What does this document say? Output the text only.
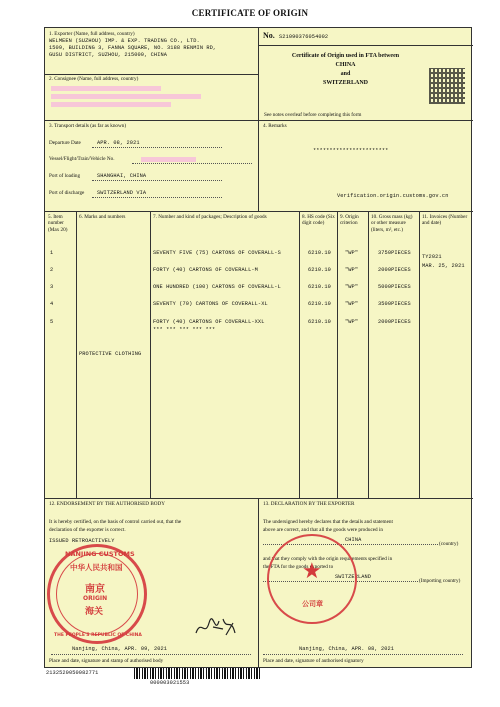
CERTIFICATE OF ORIGIN
1. Exporter (Name, full address, country)
WELMEEN (SUZHOU) IMP. & EXP. TRADING CO., LTD.
1509, BUILDING 3, FANNA SQUARE, NO. 3188 RENMIN RD,
GUSU DISTRICT, SUZHOU, 215000, CHINA
No. S21090376054002
Certificate of Origin used in FTA between
CHINA
and
SWITZERLAND
See notes overleaf before completing this form
2. Consignee (Name, full address, country)
3. Transport details (as far as known)
Departure Date	APR. 08, 2021
Vessel/Flight/Train/Vehicle No.
Port of loading	SHANGHAI, CHINA
Port of discharge SWITZERLAND VIA
4. Remarks
***********************
Verification.origin.customs.gov.cn
5. Item number (Max 20)
6. Marks and numbers	7. Number and kind of packages; Description of goods	8. HS code (Six digit code)
9. Origin criterion
10. Gross mass (kg) or other measure (liters, m², etc.)
11. Invoices (Number and date)
1	SEVENTY FIVE (75) CARTONS OF COVERALL-S	6210.10	"WP"	3750PIECES
2	FORTY (40) CARTONS OF COVERALL-M	6210.10	"WP"	2000PIECES
3	ONE HUNDRED (100) CARTONS OF COVERALL-L	6210.10	"WP"	5000PIECES
4	SEVENTY (70) CARTONS OF COVERALL-XL	6210.10	"WP"	3500PIECES
5	FORTY (40) CARTONS OF COVERALL-XXL	6210.10	"WP"	2000PIECES
*** *** *** *** ***
TY2021
MAR. 25, 2021
PROTECTIVE CLOTHING
12. ENDORSEMENT BY THE AUTHORISED BODY
It is hereby certified, on the basis of control carried out, that the
declaration of the exporter is correct.
ISSUED RETROACTIVELY
NANJING CUSTOMS
中华人民共和国
南京
ORIGIN
海关
THE PEOPLE'S REPUBLIC OF CHINA
Nanjing, China, APR. 09, 2021
Place and date, signature and stamp of authorised body
13. DECLARATION BY THE EXPORTER
The undersigned hereby declares that the details and statement
above are correct, and that all the goods were produced in
CHINA
(country)
and that they comply with the origin requirements specified in
the FTA for the goods exported to
SWITZERLAND
(Importing country)
★
公司章
Nanjing, China, APR. 08, 2021
Place and date, signature of authorised signatory
2132520050082771
000003021553
